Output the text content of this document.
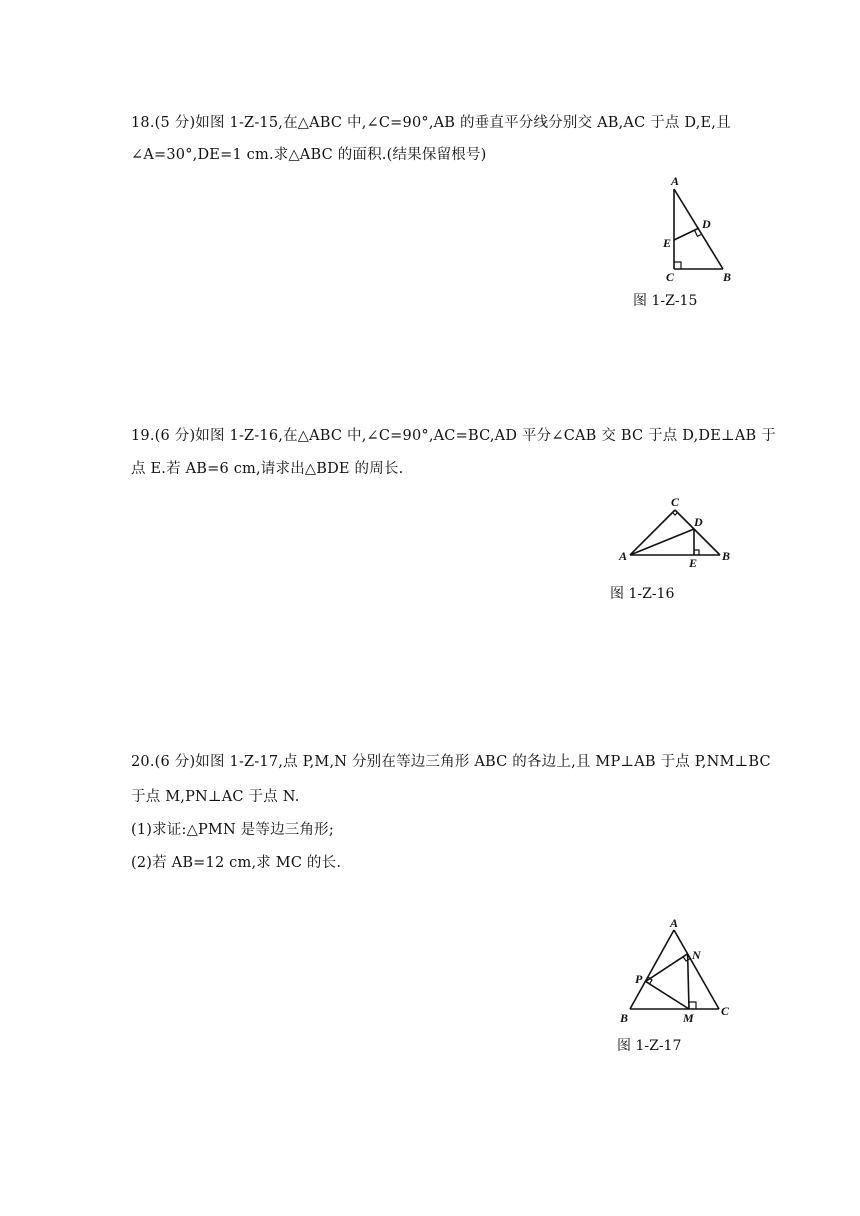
18.(5 分)如图 1-Z-15,在△ABC 中,∠C=90°,AB 的垂直平分线分别交 AB,AC 于点 D,E,且

∠A=30°,DE=1 cm.求△ABC 的面积.(结果保留根号)

A
D
E
C	B
图 1-Z-15

19.(6 分)如图 1-Z-16,在△ABC 中,∠C=90°,AC=BC,AD 平分∠CAB 交 BC 于点 D,DE⊥AB 于

点 E.若 AB=6 cm,请求出△BDE 的周长.

C
D
A	E B
图 1-Z-16

20.(6 分)如图 1-Z-17,点 P,M,N 分别在等边三角形 ABC 的各边上,且 MP⊥AB 于点 P,NM⊥BC

于点 M,PN⊥AC 于点 N.

(1)求证:△PMN 是等边三角形;

(2)若 AB=12 cm,求 MC 的长.

A
N
P
B	M C
图 1-Z-17
